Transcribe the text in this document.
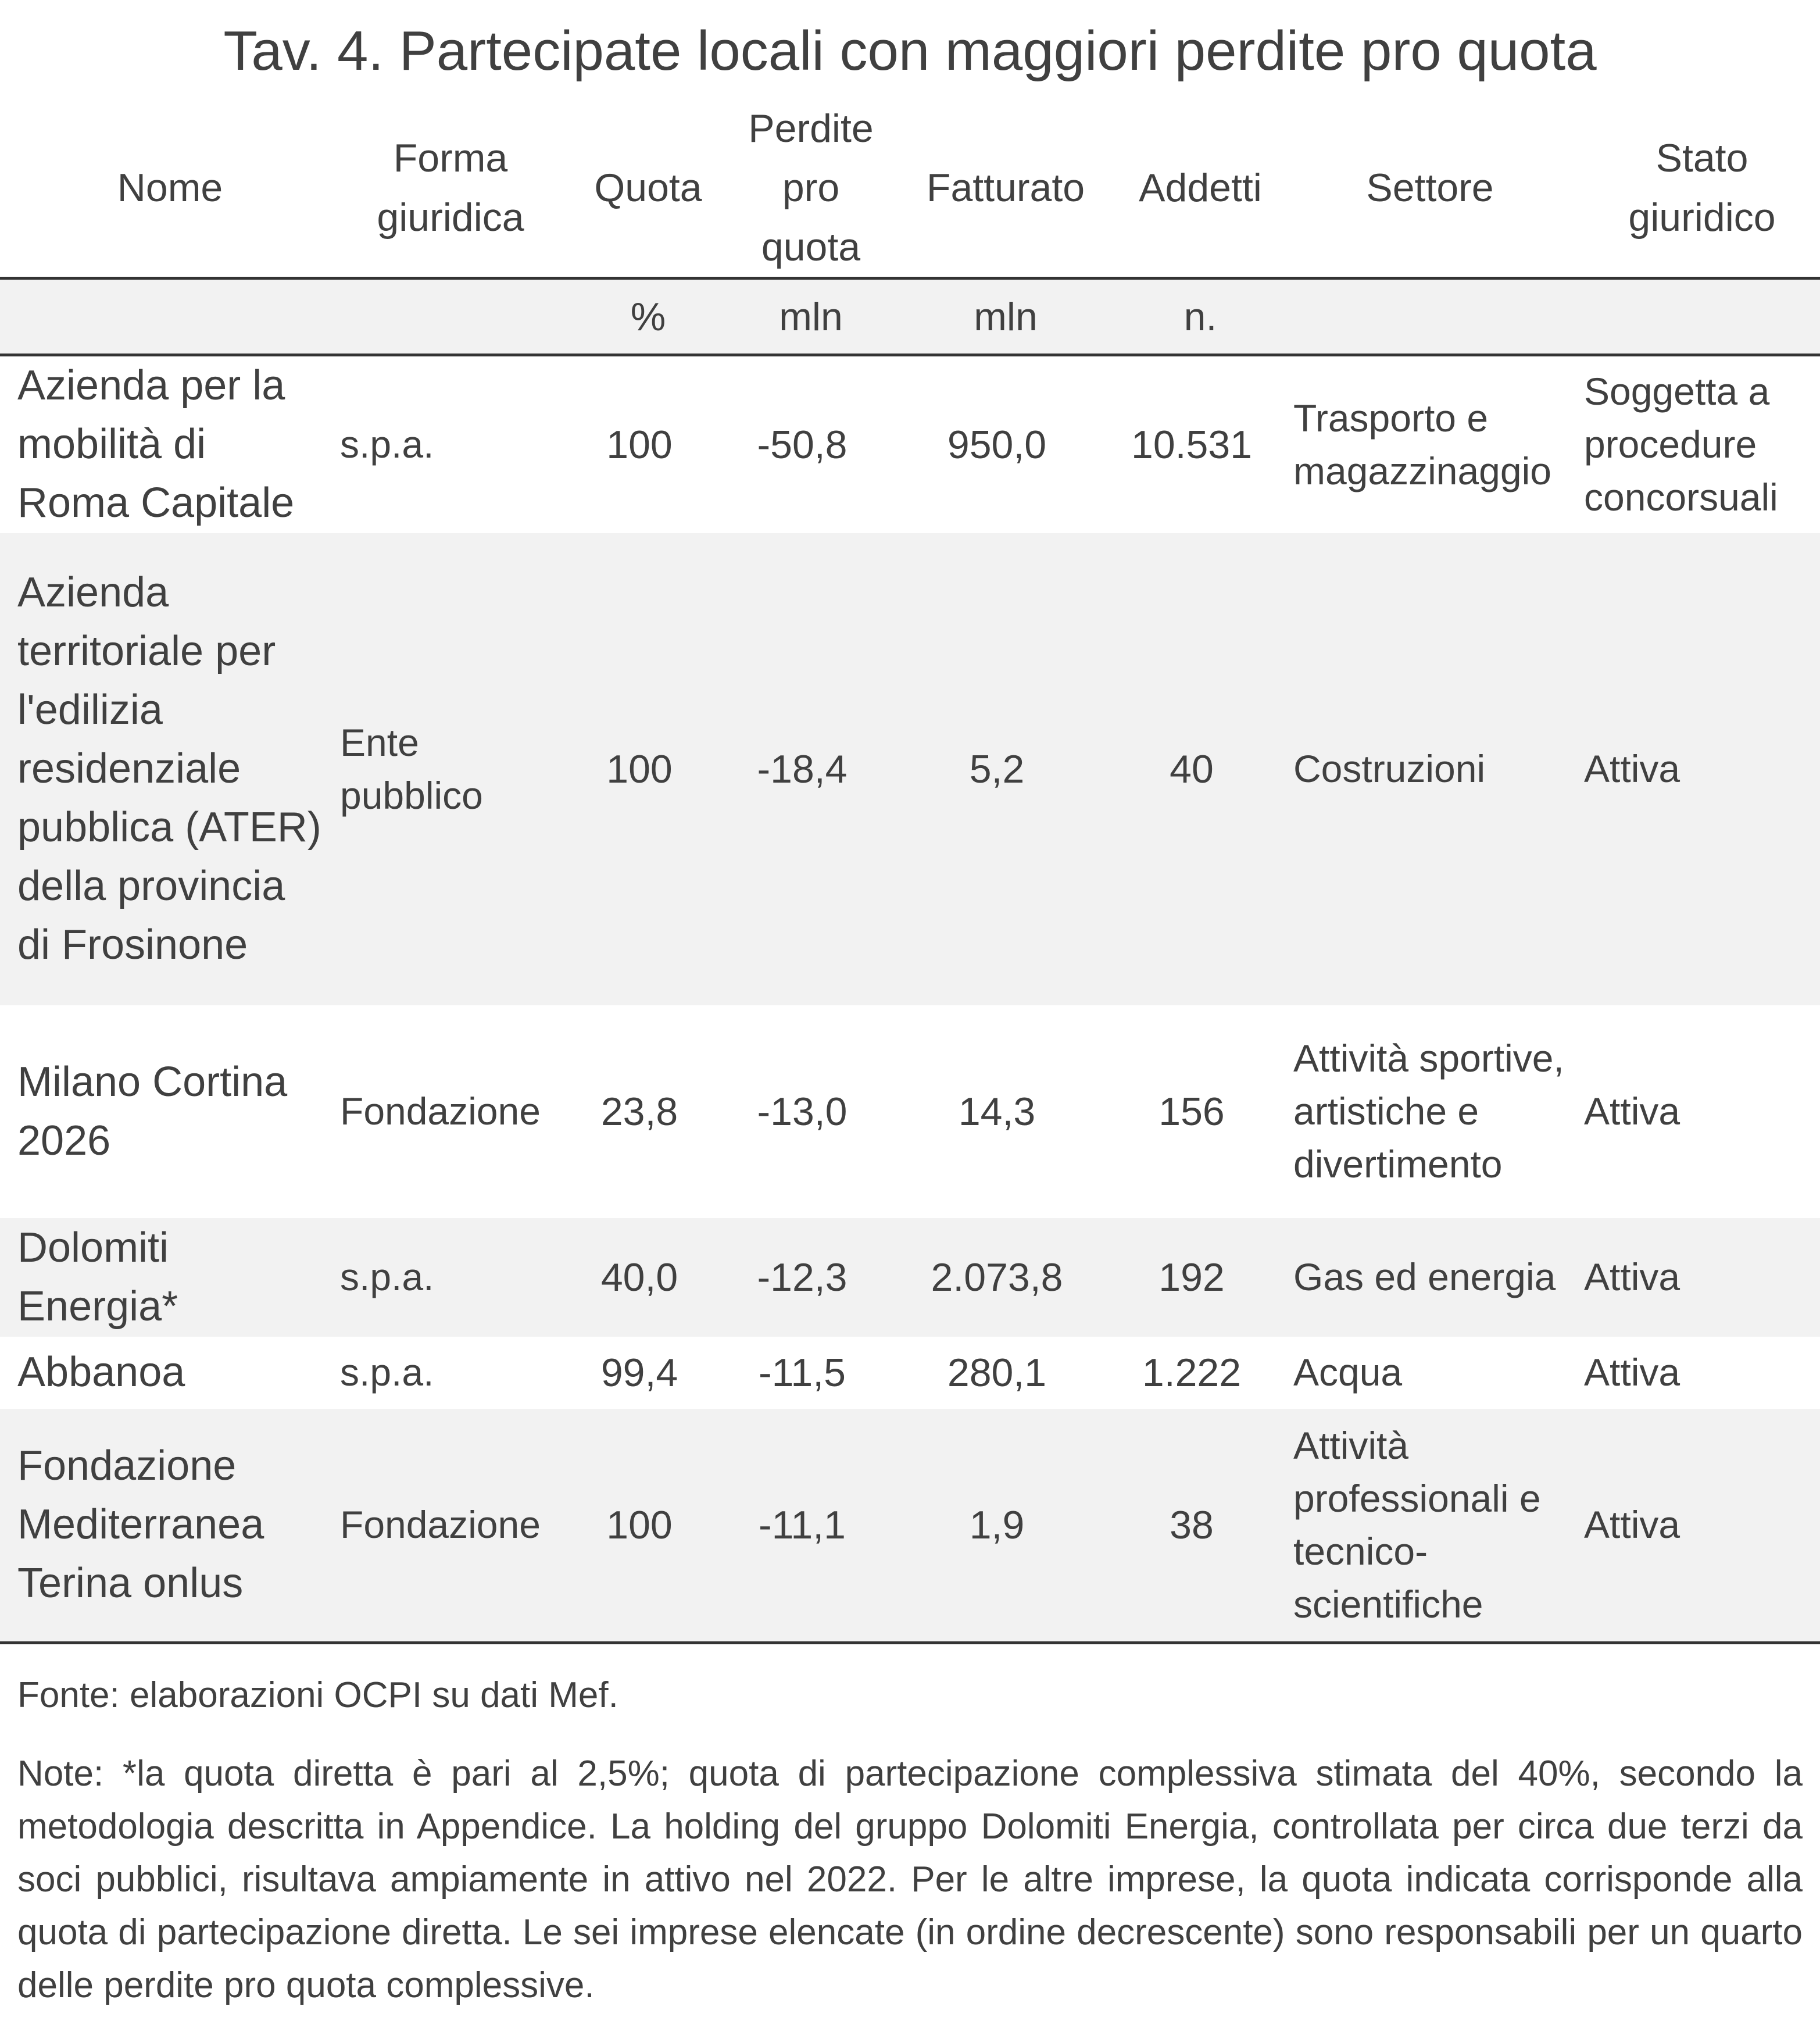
Tav. 4. Partecipate locali con maggiori perdite pro quota
Nome	Forma giuridica	Quota	Perdite pro quota	Fatturato	Addetti	Settore	Stato giuridico
		%	mln	mln	n.		
Azienda per la mobilità di Roma Capitale	s.p.a.	100	-50,8	950,0	10.531	Trasporto e magazzinaggio	Soggetta a procedure concorsuali
Azienda territoriale per l'edilizia residenziale pubblica (ATER) della provincia di Frosinone	Ente pubblico	100	-18,4	5,2	40	Costruzioni	Attiva
Milano Cortina 2026	Fondazione	23,8	-13,0	14,3	156	Attività sportive, artistiche e divertimento	Attiva
Dolomiti Energia*	s.p.a.	40,0	-12,3	2.073,8	192	Gas ed energia	Attiva
Abbanoa	s.p.a.	99,4	-11,5	280,1	1.222	Acqua	Attiva
Fondazione Mediterranea Terina onlus	Fondazione	100	-11,1	1,9	38	Attività professionali e tecnico-scientifiche	Attiva
Fonte: elaborazioni OCPI su dati Mef.
Note: *la quota diretta è pari al 2,5%; quota di partecipazione complessiva stimata del 40%, secondo la metodologia descritta in Appendice. La holding del gruppo Dolomiti Energia, controllata per circa due terzi da soci pubblici, risultava ampiamente in attivo nel 2022. Per le altre imprese, la quota indicata corrisponde alla quota di partecipazione diretta. Le sei imprese elencate (in ordine decrescente) sono responsabili per un quarto delle perdite pro quota complessive.
